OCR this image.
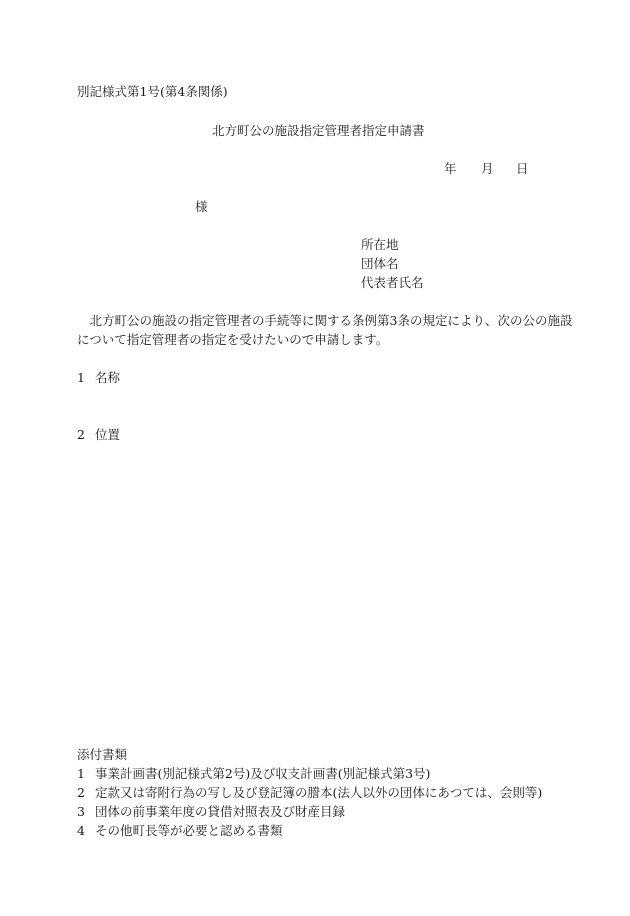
別記様式第1号(第4条関係)
北方町公の施設指定管理者指定申請書
年 月 日
様
所在地
団体名
代表者氏名
　北方町公の施設の指定管理者の手続等に関する条例第3条の規定により、次の公の施設
について指定管理者の指定を受けたいので申請します。
1 名称
2 位置
添付書類
1 事業計画書(別記様式第2号)及び収支計画書(別記様式第3号)
2 定款又は寄附行為の写し及び登記簿の謄本(法人以外の団体にあつては、会則等)
3 団体の前事業年度の貸借対照表及び財産目録
4 その他町長等が必要と認める書類
